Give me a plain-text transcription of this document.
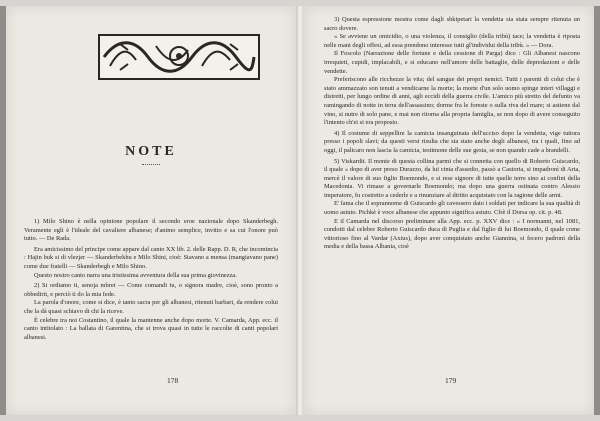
NOTE

1) Milo Shino è nella opinione popolare il secondo eroe nazionale dopo Skanderbegh. Veramente egli è l'ideale del cavaliere albanese; d'animo semplice, invitto e sa cui l'onore può tutto. — De Rada.

Era amicissimo del principe come appare dal canto XX lib. 2. delle Rapp. D. R, che incomincia : Hajin buk si di vlezjer — Skanderbekhu e Milo Shini, cioè: Stavano a mensa (mangiavano pane) come due fratelli — Skanderbegh e Milo Shino.

Questo nostro canto narra una tristissima avventura della sua prima giovinezza.

2) Si ordiamo ti, senoja mbret — Come comandi tu, o signora madre, cioè, sono pronto a obbedirti, e perciò ti do la mia fede.

La parola d'onore, come si dice, è tanto sacra per gli albanesi, ritenuti barbari, da rendere colui che la dà quasi schiavo di chi la riceve.

È celebre tra noi Costantino, il quale la mantenne anche dopo morte. V. Camarda, App. ecc. il canto intitolato : La ballata di Garentina, che si trova quasi in tutte le raccolte di canti popolari albanesi.

178

3) Questa espressione mostra come dagli shkipetari la vendetta sia stata sempre ritenuta un sacro dovere.

« Se avviene un omicidio, o una violenza, il consiglio (della tribù) tace; la vendetta è riposta nelle mani degli offesi, ad essa prendono interesse tutti gl'individui della tribù. » — Dora.

Il Foscolo (Narrazione delle fortune e della cessione di Parga) dice : Gli Albanesi nascono irrequieti, cupidi, implacabili, e si educano nell'amore delle battaglie, delle depredazioni e delle vendette.

Preferiscono alle ricchezze la vita; del sangue dei propri nemici. Tutti i parenti di colui che è stato ammazzato son tenuti a vendicarne la morte; la morte d'un solo uomo spinge interi villaggi e distretti, per lungo ordine di anni, agli eccidi della guerra civile. L'amico più stretto del defunto va ramingando di notte in terra dell'assassino; dorme fra le foreste o sulla riva del mare; si astiene dal vino, si nutre di solo pane, e mai non ritorna alla propria famiglia, se non dopo di avere conseguito l'intento ch'ei si era proposto.

4) Il costume di seppellire la camicia insanguinata dell'ucciso dopo la vendetta, vige tuttora presso i popoli slavi; da questi versi risulta che sia stato anche degli albanesi, tra i quali, fino ad oggi, il palicaro non lascia la camicia, testimone delle sue gesta, se non quando cade a brandelli.

5) Viskardit. Il monte di questa collina parmi che si connetta con quello di Roberto Guiscardo, il quale « dopo di aver preso Durazzo, da lui cinta d'assedio, passò a Castoria, si impadronì di Arta, mercè il valore di suo figlio Boemondo, e si rese signore di tutte quelle terre sino ai confini della Macedonia. Vi rimase a governarle Boemondo; ma dopo una guerra ostinata contro Alessio imperatore, fu costretto a cederle e a rinunziare al diritto acquistato con la ragione delle armi.

E' fama che il soprannome di Guiscardo gli cavessero dato i soldati per indicare la sua qualità di uomo astuto. Pichkè è voce albanese che appunto significa astuto. Cfrè il Dorsa op. cit. p. 48.

E il Camarda nel discorso preliminare alla App. ecc. p. XXV dice : « I normanni, nel 1081, condotti dal celebre Roberto Guiscardo duca di Puglia e dal figlio di lui Boemondo, il quale come vittorioso fino al Vardar (Axius), dopo aver conquistato anche Giannina, si fecero padroni della media e della bassa Albania, cioè

179
